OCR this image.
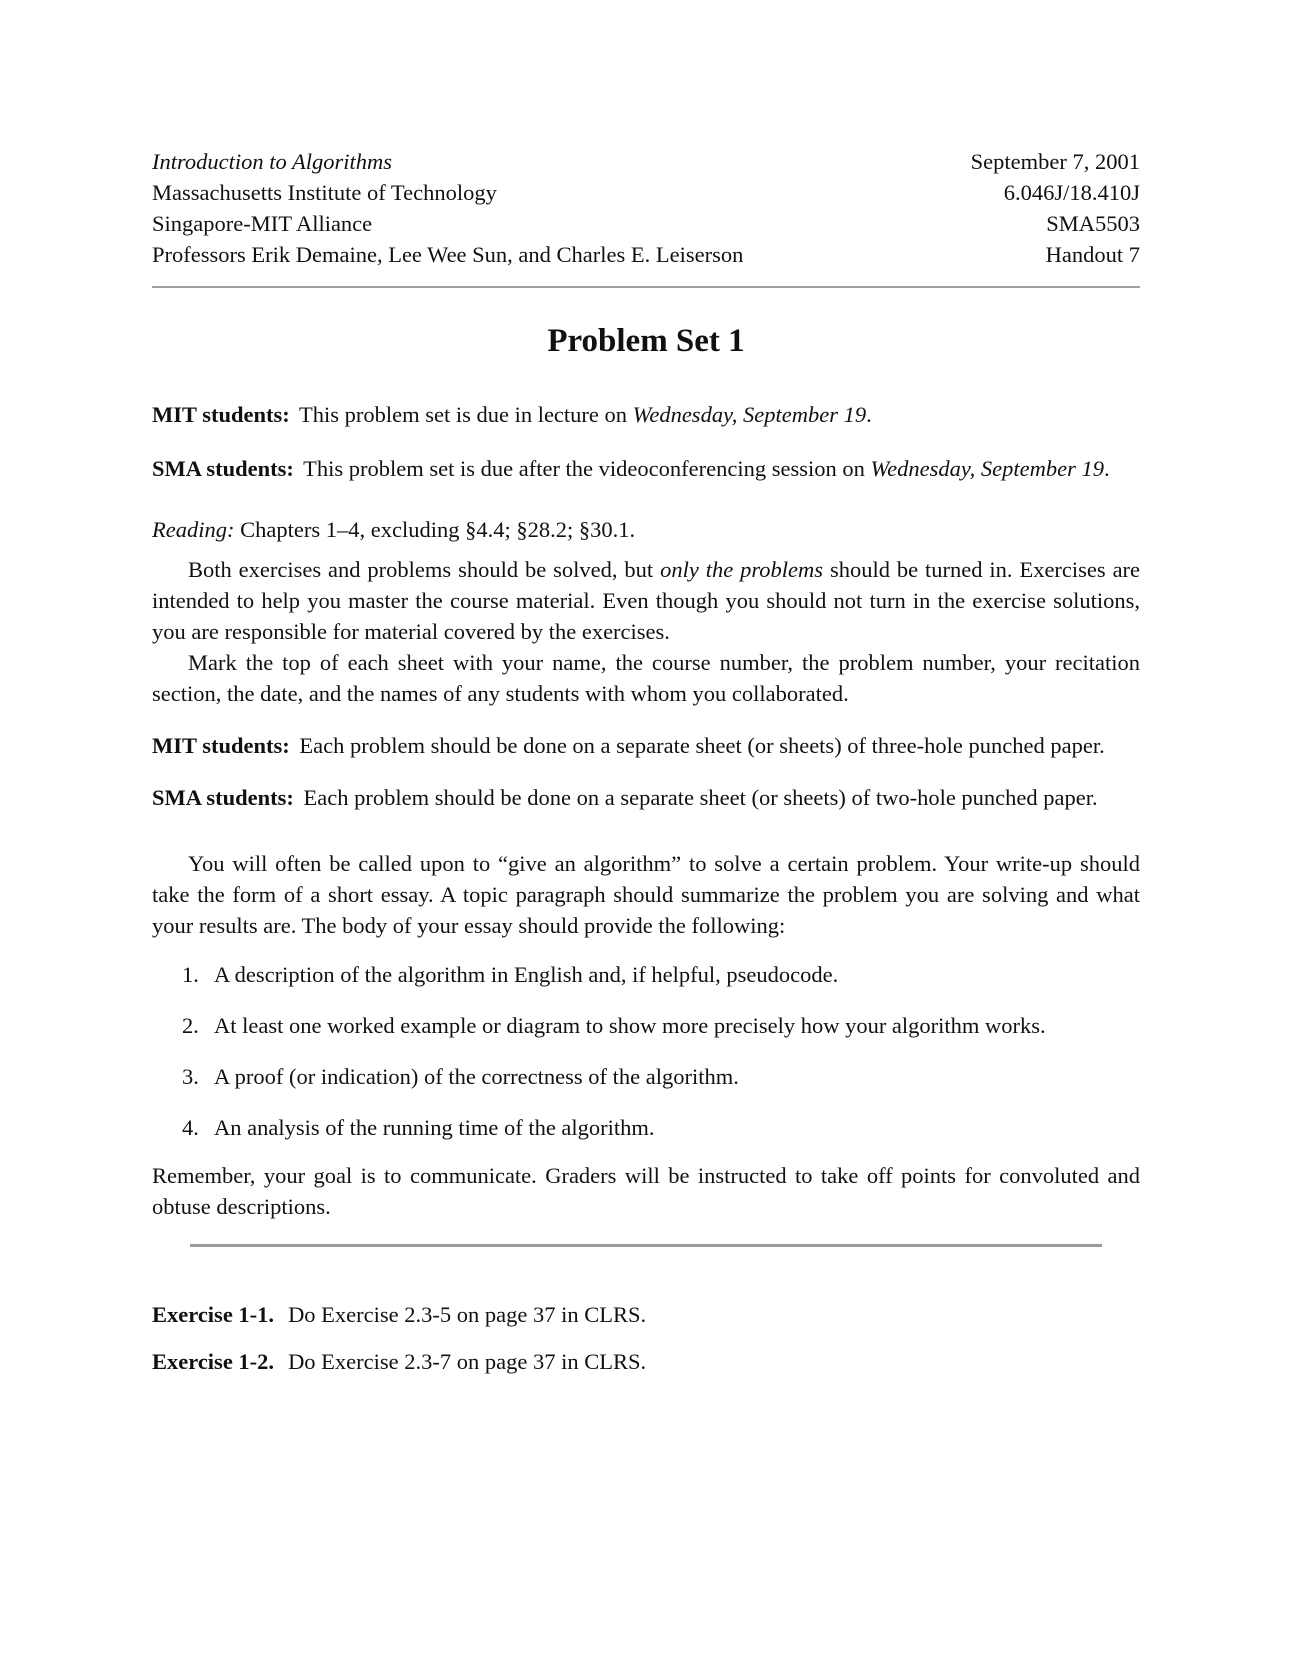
Introduction to Algorithms
Massachusetts Institute of Technology
Singapore-MIT Alliance
Professors Erik Demaine, Lee Wee Sun, and Charles E. Leiserson
September 7, 2001
6.046J/18.410J
SMA5503
Handout 7
Problem Set 1

MIT students: This problem set is due in lecture on Wednesday, September 19.

SMA students: This problem set is due after the videoconferencing session on Wednesday, September 19.

Reading: Chapters 1–4, excluding §4.4; §28.2; §30.1.

Both exercises and problems should be solved, but only the problems should be turned in. Exercises are intended to help you master the course material. Even though you should not turn in the exercise solutions, you are responsible for material covered by the exercises.

Mark the top of each sheet with your name, the course number, the problem number, your recitation section, the date, and the names of any students with whom you collaborated.

MIT students: Each problem should be done on a separate sheet (or sheets) of three-hole punched paper.

SMA students: Each problem should be done on a separate sheet (or sheets) of two-hole punched paper.

You will often be called upon to “give an algorithm” to solve a certain problem. Your write-up should take the form of a short essay. A topic paragraph should summarize the problem you are solving and what your results are. The body of your essay should provide the following:

1. A description of the algorithm in English and, if helpful, pseudocode.
2. At least one worked example or diagram to show more precisely how your algorithm works.
3. A proof (or indication) of the correctness of the algorithm.
4. An analysis of the running time of the algorithm.

Remember, your goal is to communicate. Graders will be instructed to take off points for convoluted and obtuse descriptions.

Exercise 1-1. Do Exercise 2.3-5 on page 37 in CLRS.

Exercise 1-2. Do Exercise 2.3-7 on page 37 in CLRS.
